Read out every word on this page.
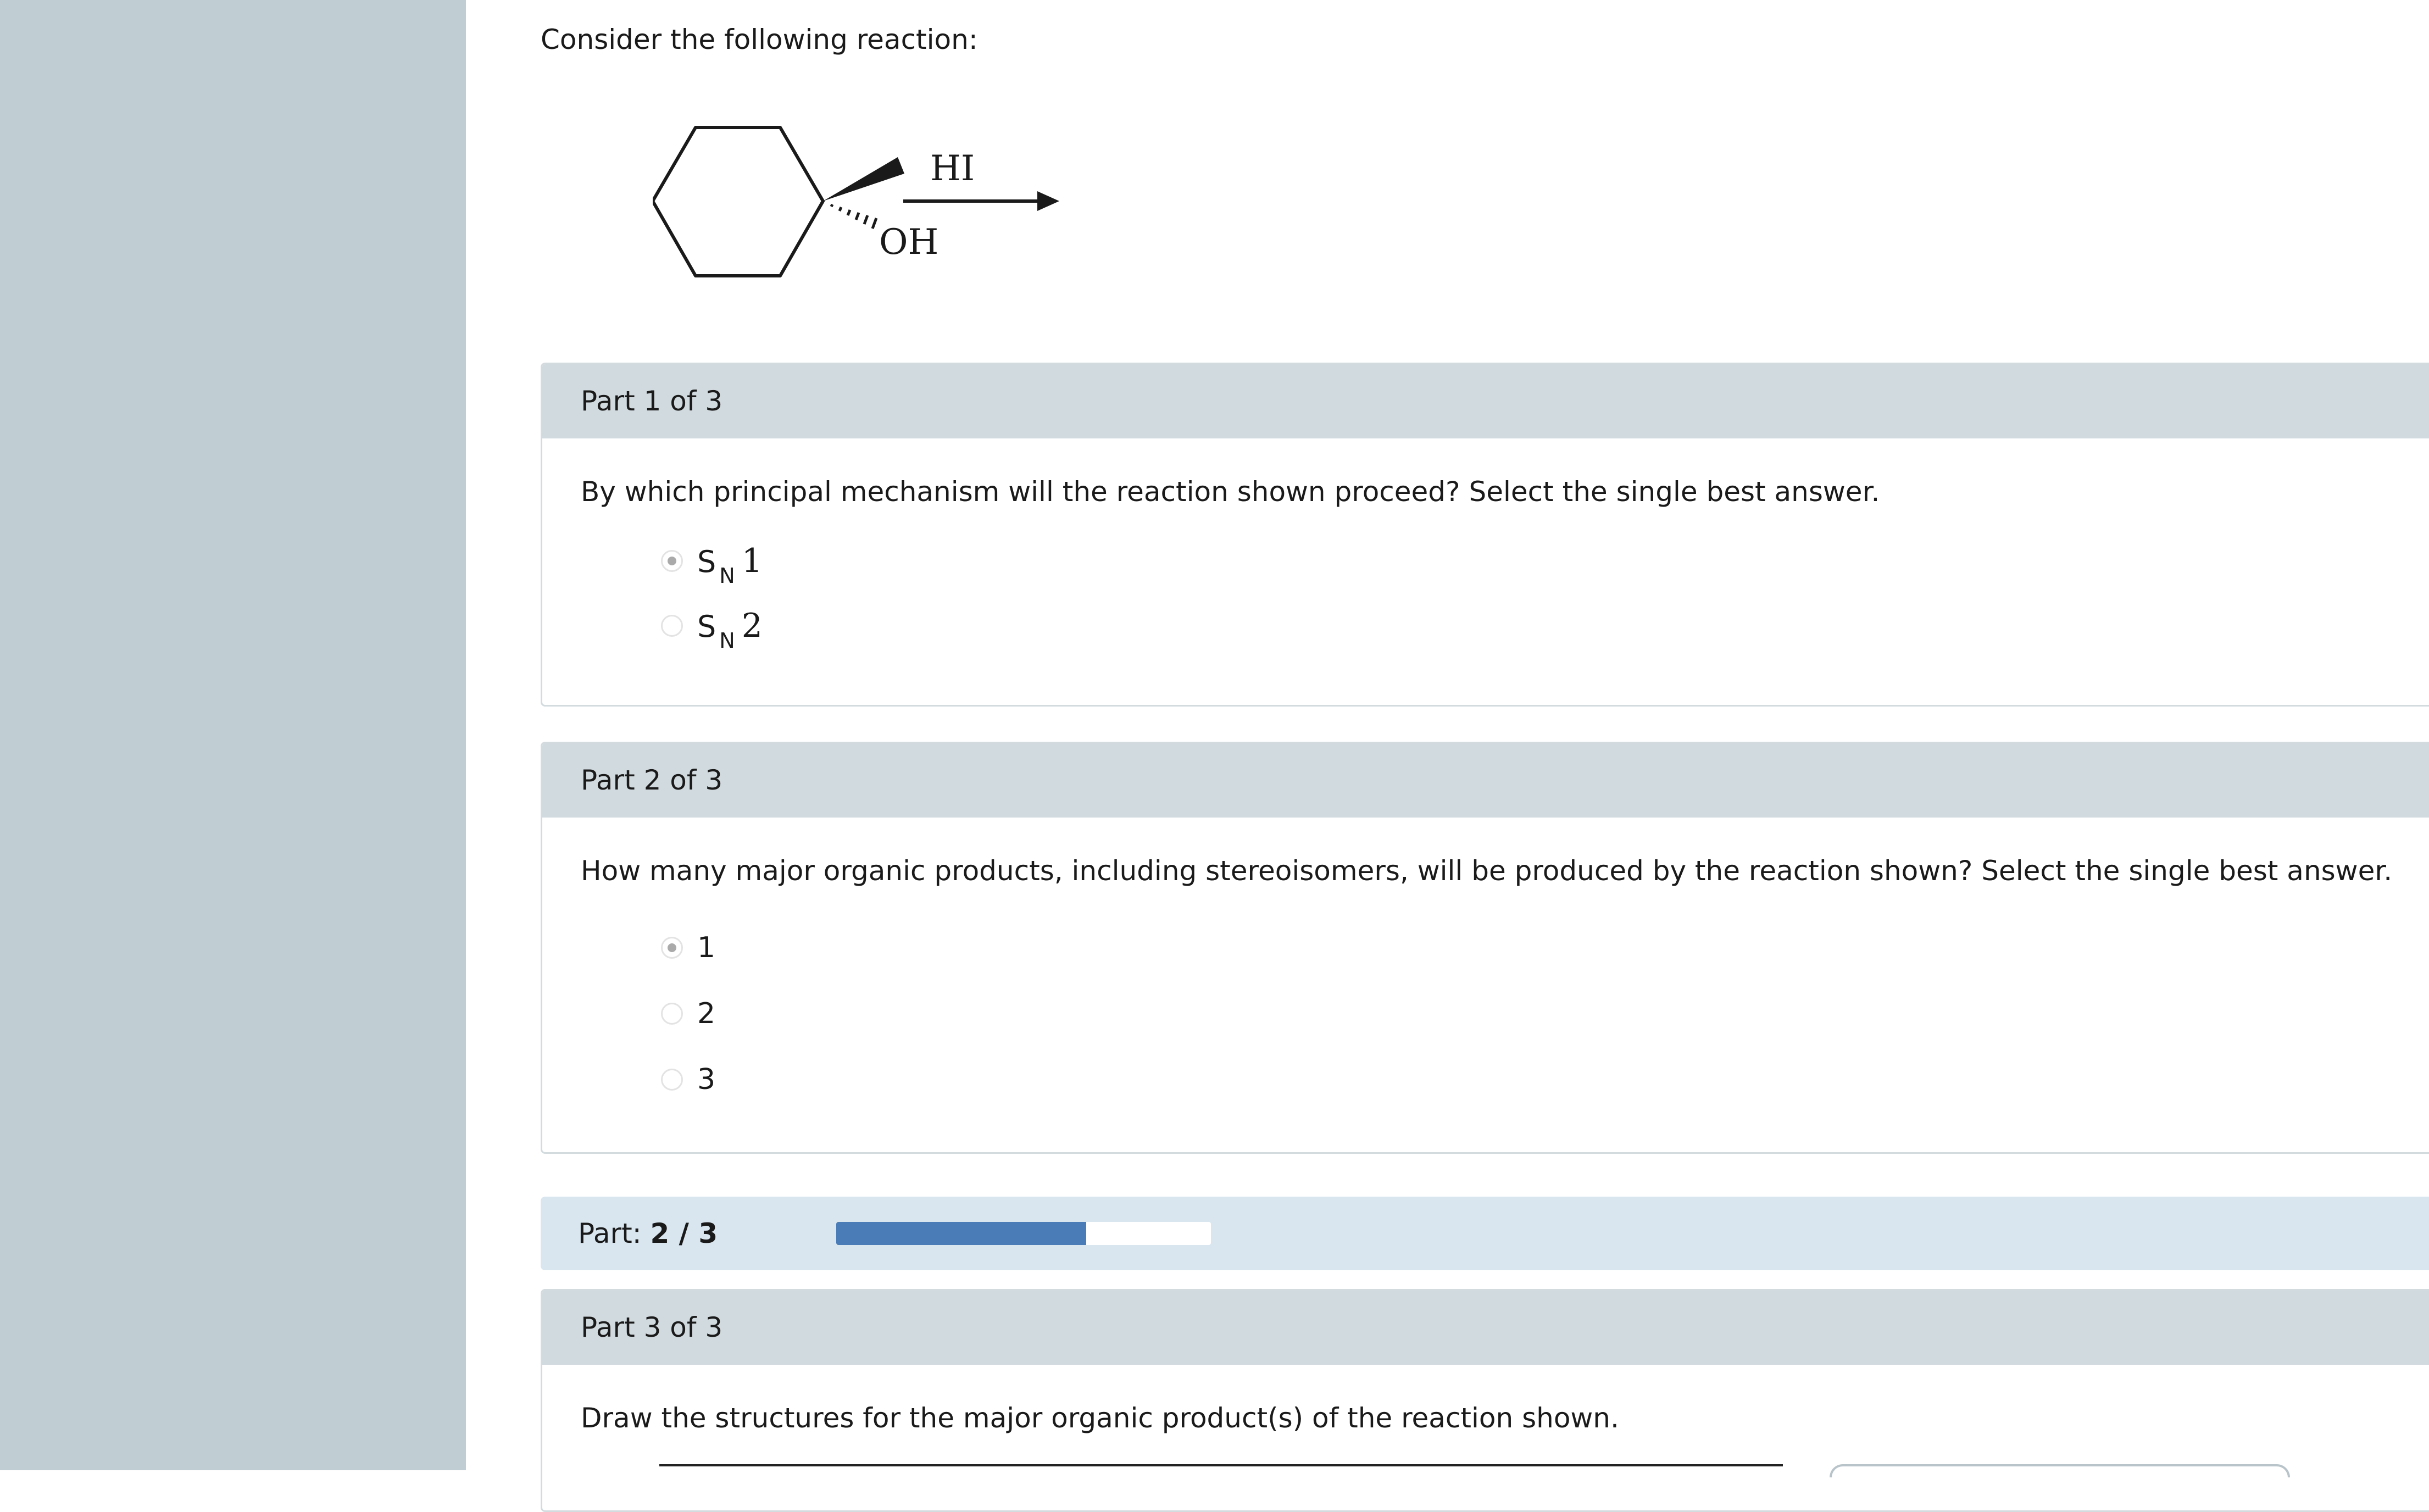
Consider the following reaction:
OH
HI
Part 1 of 3
By which principal mechanism will the reaction shown proceed? Select the single best answer.
S N 1
S N 2
Part 2 of 3
How many major organic products, including stereoisomers, will be produced by the reaction shown? Select the single best answer.
1
2
3
Part: 2 / 3
Part 3 of 3
Draw the structures for the major organic product(s) of the reaction shown.
